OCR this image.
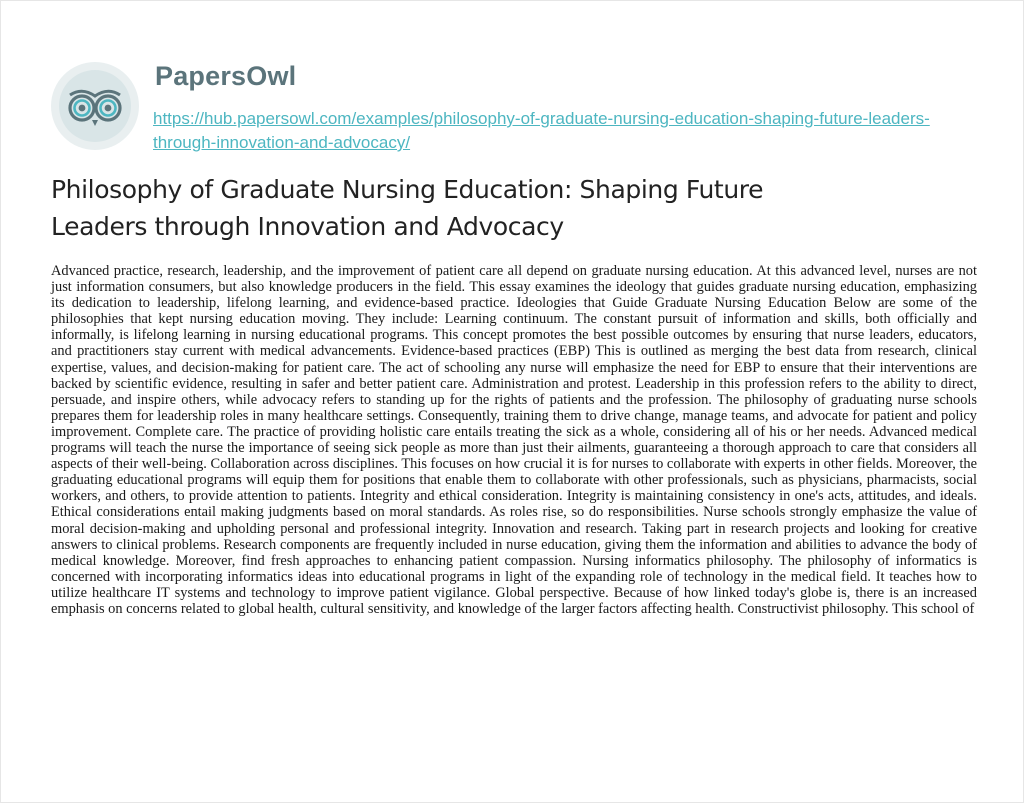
PapersOwl
https://hub.papersowl.com/examples/philosophy-of-graduate-nursing-education-shaping-future-leaders-through-innovation-and-advocacy/
Philosophy of Graduate Nursing Education: Shaping Future Leaders through Innovation and Advocacy

Advanced practice, research, leadership, and the improvement of patient care all depend on graduate nursing education. At this advanced level, nurses are not just information consumers, but also knowledge producers in the field. This essay examines the ideology that guides graduate nursing education, emphasizing its dedication to leadership, lifelong learning, and evidence-based practice. Ideologies that Guide Graduate Nursing Education Below are some of the philosophies that kept nursing education moving. They include: Learning continuum. The constant pursuit of information and skills, both officially and informally, is lifelong learning in nursing educational programs. This concept promotes the best possible outcomes by ensuring that nurse leaders, educators, and practitioners stay current with medical advancements. Evidence-based practices (EBP) This is outlined as merging the best data from research, clinical expertise, values, and decision-making for patient care. The act of schooling any nurse will emphasize the need for EBP to ensure that their interventions are backed by scientific evidence, resulting in safer and better patient care. Administration and protest. Leadership in this profession refers to the ability to direct, persuade, and inspire others, while advocacy refers to standing up for the rights of patients and the profession. The philosophy of graduating nurse schools prepares them for leadership roles in many healthcare settings. Consequently, training them to drive change, manage teams, and advocate for patient and policy improvement. Complete care. The practice of providing holistic care entails treating the sick as a whole, considering all of his or her needs. Advanced medical programs will teach the nurse the importance of seeing sick people as more than just their ailments, guaranteeing a thorough approach to care that considers all aspects of their well-being. Collaboration across disciplines. This focuses on how crucial it is for nurses to collaborate with experts in other fields. Moreover, the graduating educational programs will equip them for positions that enable them to collaborate with other professionals, such as physicians, pharmacists, social workers, and others, to provide attention to patients. Integrity and ethical consideration. Integrity is maintaining consistency in one's acts, attitudes, and ideals. Ethical considerations entail making judgments based on moral standards. As roles rise, so do responsibilities. Nurse schools strongly emphasize the value of moral decision-making and upholding personal and professional integrity. Innovation and research. Taking part in research projects and looking for creative answers to clinical problems. Research components are frequently included in nurse education, giving them the information and abilities to advance the body of medical knowledge. Moreover, find fresh approaches to enhancing patient compassion. Nursing informatics philosophy. The philosophy of informatics is concerned with incorporating informatics ideas into educational programs in light of the expanding role of technology in the medical field. It teaches how to utilize healthcare IT systems and technology to improve patient vigilance. Global perspective. Because of how linked today's globe is, there is an increased emphasis on concerns related to global health, cultural sensitivity, and knowledge of the larger factors affecting health. Constructivist philosophy. This school of
